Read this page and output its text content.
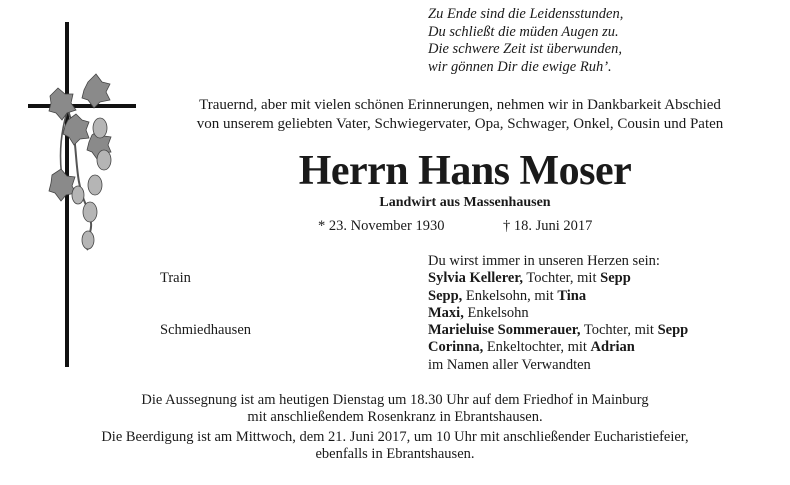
Zu Ende sind die Leidensstunden,
Du schließt die müden Augen zu.
Die schwere Zeit ist überwunden,
wir gönnen Dir die ewige Ruh’.
Trauernd, aber mit vielen schönen Erinnerungen, nehmen wir in Dankbarkeit Abschied
von unserem geliebten Vater, Schwiegervater, Opa, Schwager, Onkel, Cousin und Paten
Herrn Hans Moser
Landwirt aus Massenhausen
* 23. November 1930	† 18. Juni 2017
Train
Schmiedhausen
Du wirst immer in unseren Herzen sein:
Sylvia Kellerer, Tochter, mit Sepp
Sepp, Enkelsohn, mit Tina
Maxi, Enkelsohn
Marieluise Sommerauer, Tochter, mit Sepp
Corinna, Enkeltochter, mit Adrian
im Namen aller Verwandten
Die Aussegnung ist am heutigen Dienstag um 18.30 Uhr auf dem Friedhof in Mainburg
mit anschließendem Rosenkranz in Ebrantshausen.
Die Beerdigung ist am Mittwoch, dem 21. Juni 2017, um 10 Uhr mit anschließender Eucharistiefeier,
ebenfalls in Ebrantshausen.
